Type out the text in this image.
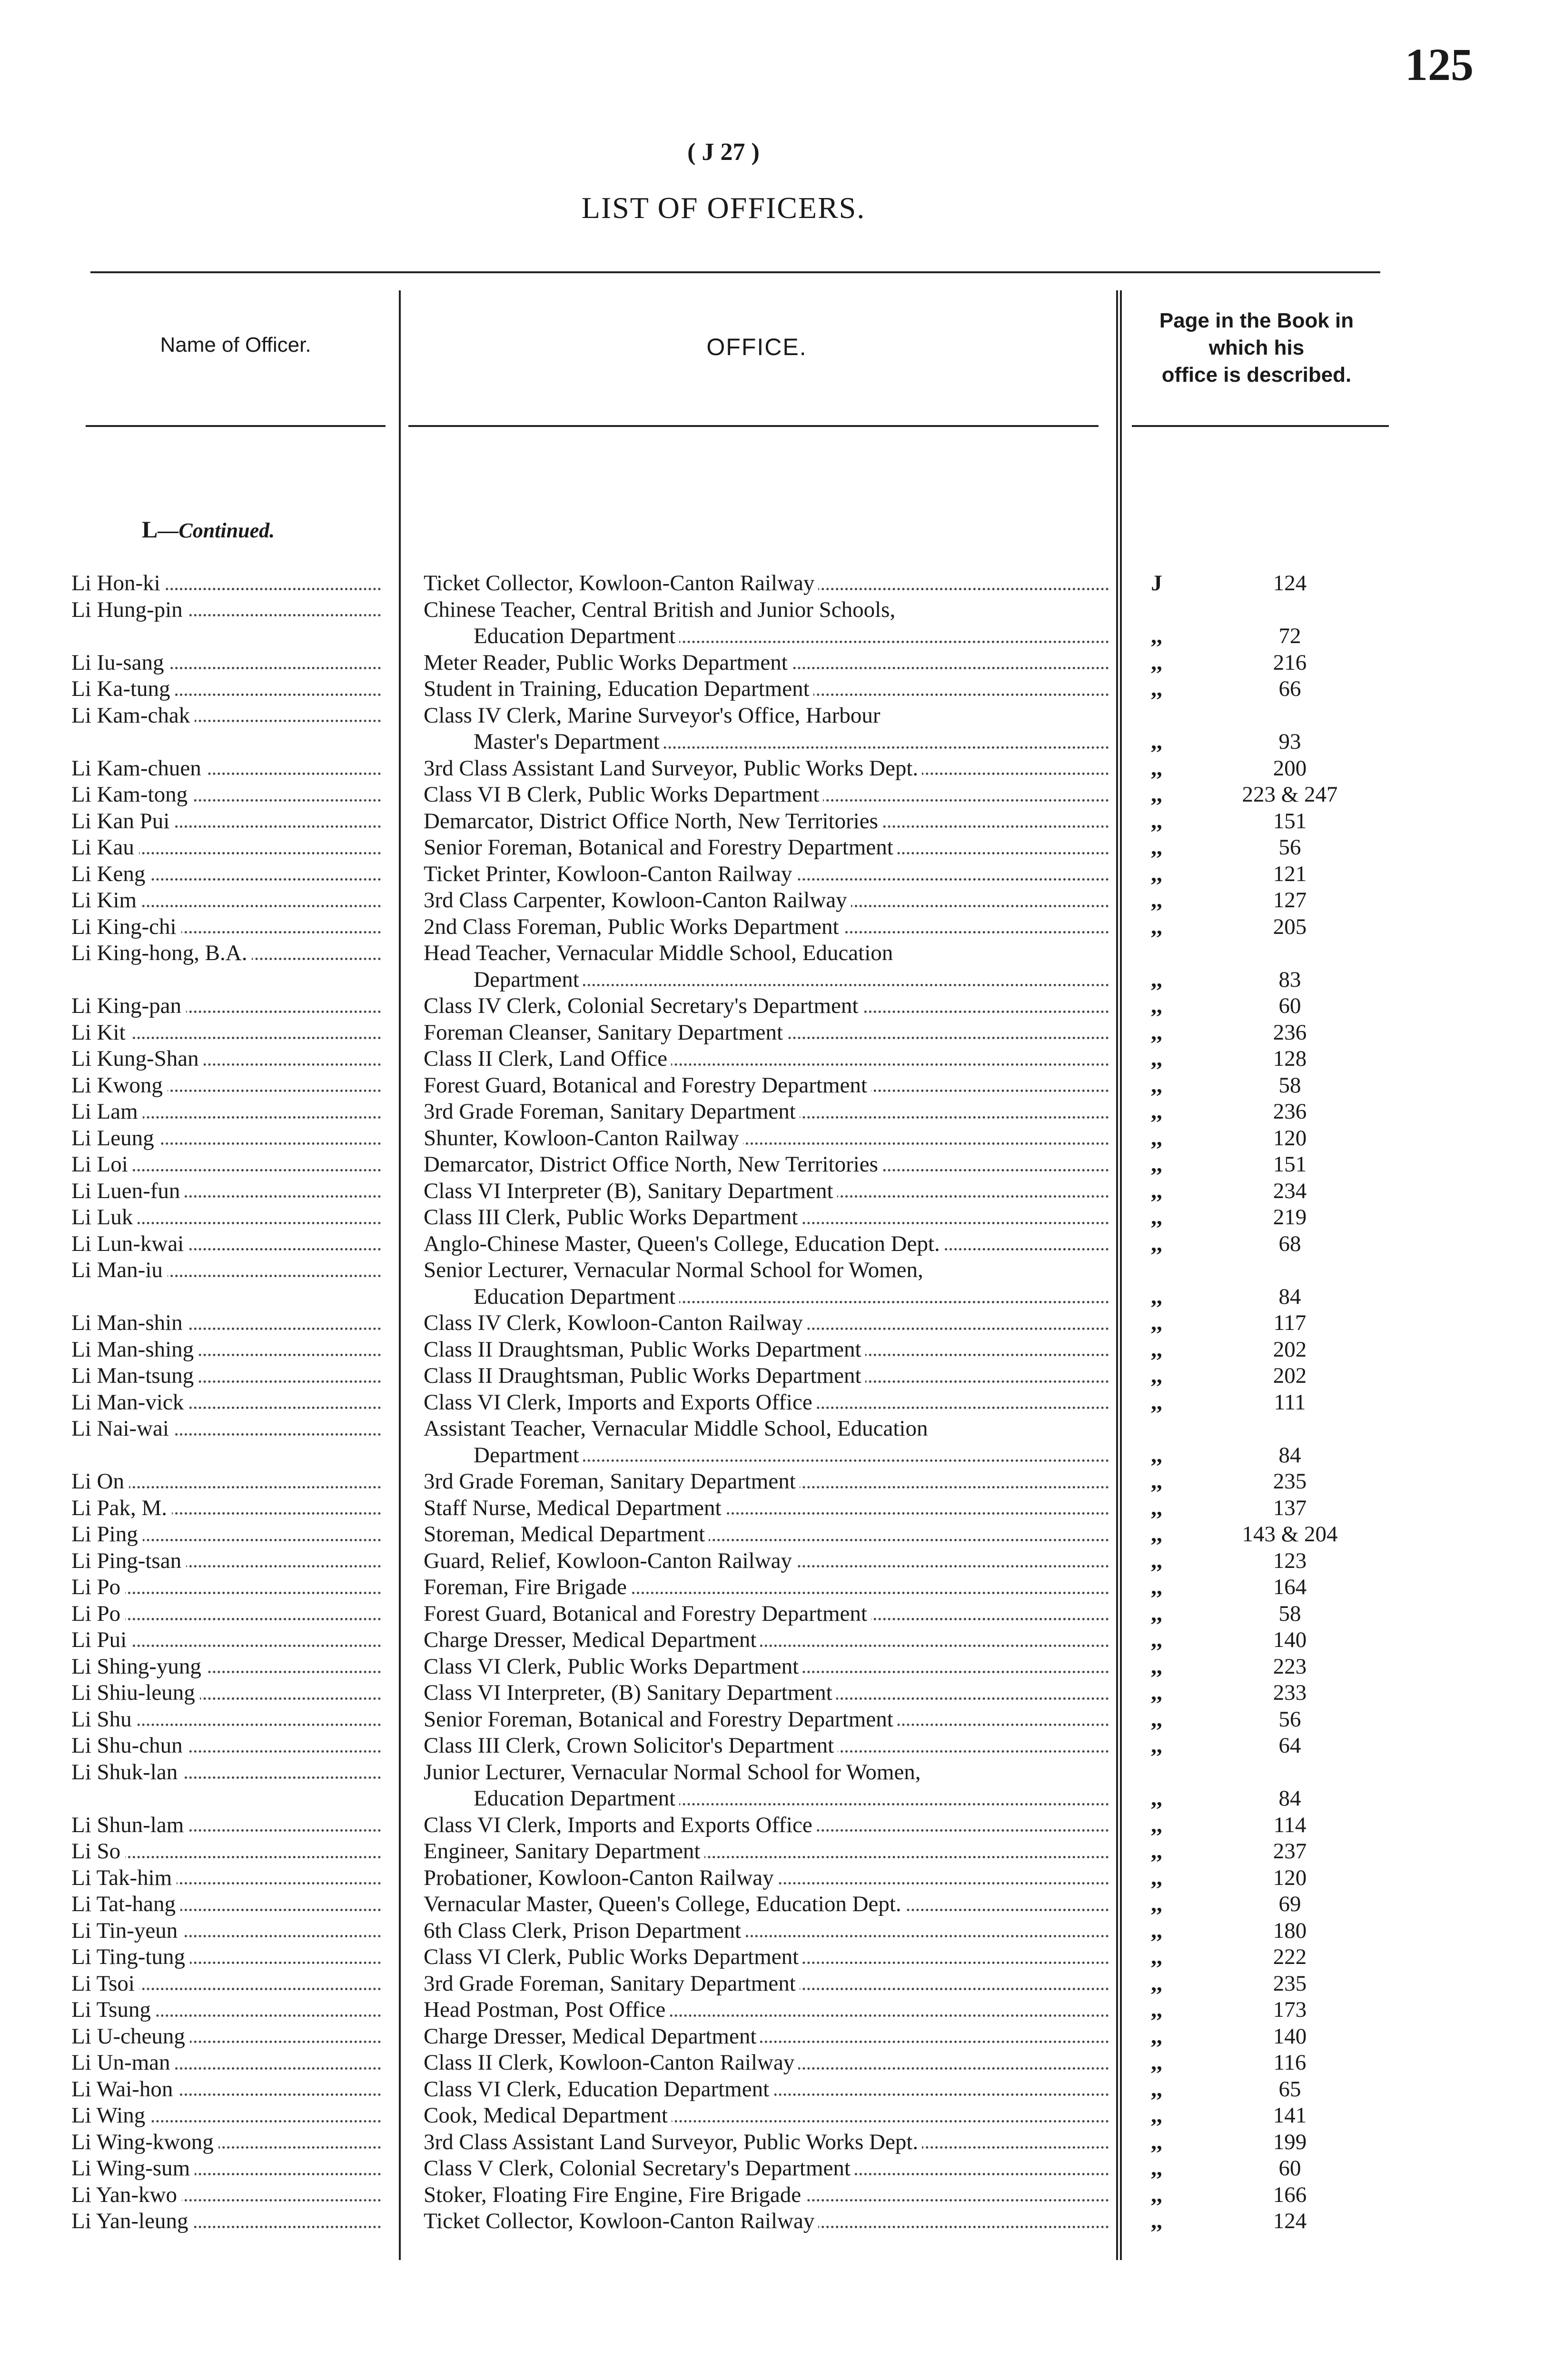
125
( J 27 )
LIST OF OFFICERS.
Name of Officer.	OFFICE.
Page in the Book in
which his
office is described.
L—Continued.
Li Hon-ki	Ticket Collector, Kowloon-Canton Railway	J	124
Li Hung-pin	Chinese Teacher, Central British and Junior Schools,
Education Department	,,	72
Li Iu-sang	Meter Reader, Public Works Department	,,	216
Li Ka-tung	Student in Training, Education Department	,,	66
Li Kam-chak	Class IV Clerk, Marine Surveyor's Office, Harbour
Master's Department	,,	93
Li Kam-chuen	3rd Class Assistant Land Surveyor, Public Works Dept.	,,	200
Li Kam-tong	Class VI B Clerk, Public Works Department	,,	223 & 247
Li Kan Pui	Demarcator, District Office North, New Territories	,,	151
Li Kau	Senior Foreman, Botanical and Forestry Department	,,	56
Li Keng	Ticket Printer, Kowloon-Canton Railway	,,	121
Li Kim	3rd Class Carpenter, Kowloon-Canton Railway	,,	127
Li King-chi	2nd Class Foreman, Public Works Department	,,	205
Li King-hong, B.A.	Head Teacher, Vernacular Middle School, Education
Department	,,	83
Li King-pan	Class IV Clerk, Colonial Secretary's Department	,,	60
Li Kit	Foreman Cleanser, Sanitary Department	,,	236
Li Kung-Shan	Class II Clerk, Land Office	,,	128
Li Kwong	Forest Guard, Botanical and Forestry Department	,,	58
Li Lam	3rd Grade Foreman, Sanitary Department	,,	236
Li Leung	Shunter, Kowloon-Canton Railway	,,	120
Li Loi	Demarcator, District Office North, New Territories	,,	151
Li Luen-fun	Class VI Interpreter (B), Sanitary Department	,,	234
Li Luk	Class III Clerk, Public Works Department	,,	219
Li Lun-kwai	Anglo-Chinese Master, Queen's College, Education Dept.	,,	68
Li Man-iu	Senior Lecturer, Vernacular Normal School for Women,
Education Department	,,	84
Li Man-shin	Class IV Clerk, Kowloon-Canton Railway	,,	117
Li Man-shing	Class II Draughtsman, Public Works Department	,,	202
Li Man-tsung	Class II Draughtsman, Public Works Department	,,	202
Li Man-vick	Class VI Clerk, Imports and Exports Office	,,	111
Li Nai-wai	Assistant Teacher, Vernacular Middle School, Education
Department	,,	84
Li On	3rd Grade Foreman, Sanitary Department	,,	235
Li Pak, M.	Staff Nurse, Medical Department	,,	137
Li Ping	Storeman, Medical Department	,,	143 & 204
Li Ping-tsan	Guard, Relief, Kowloon-Canton Railway	,,	123
Li Po	Foreman, Fire Brigade	,,	164
Li Po	Forest Guard, Botanical and Forestry Department	,,	58
Li Pui	Charge Dresser, Medical Department	,,	140
Li Shing-yung	Class VI Clerk, Public Works Department	,,	223
Li Shiu-leung	Class VI Interpreter, (B) Sanitary Department	,,	233
Li Shu	Senior Foreman, Botanical and Forestry Department	,,	56
Li Shu-chun	Class III Clerk, Crown Solicitor's Department	,,	64
Li Shuk-lan	Junior Lecturer, Vernacular Normal School for Women,
Education Department	,,	84
Li Shun-lam	Class VI Clerk, Imports and Exports Office	,,	114
Li So	Engineer, Sanitary Department	,,	237
Li Tak-him	Probationer, Kowloon-Canton Railway	,,	120
Li Tat-hang	Vernacular Master, Queen's College, Education Dept.	,,	69
Li Tin-yeun	6th Class Clerk, Prison Department	,,	180
Li Ting-tung	Class VI Clerk, Public Works Department	,,	222
Li Tsoi	3rd Grade Foreman, Sanitary Department	,,	235
Li Tsung	Head Postman, Post Office	,,	173
Li U-cheung	Charge Dresser, Medical Department	,,	140
Li Un-man	Class II Clerk, Kowloon-Canton Railway	,,	116
Li Wai-hon	Class VI Clerk, Education Department	,,	65
Li Wing	Cook, Medical Department	,,	141
Li Wing-kwong	3rd Class Assistant Land Surveyor, Public Works Dept.	,,	199
Li Wing-sum	Class V Clerk, Colonial Secretary's Department	,,	60
Li Yan-kwo	Stoker, Floating Fire Engine, Fire Brigade	,,	166
Li Yan-leung	Ticket Collector, Kowloon-Canton Railway	,,	124
